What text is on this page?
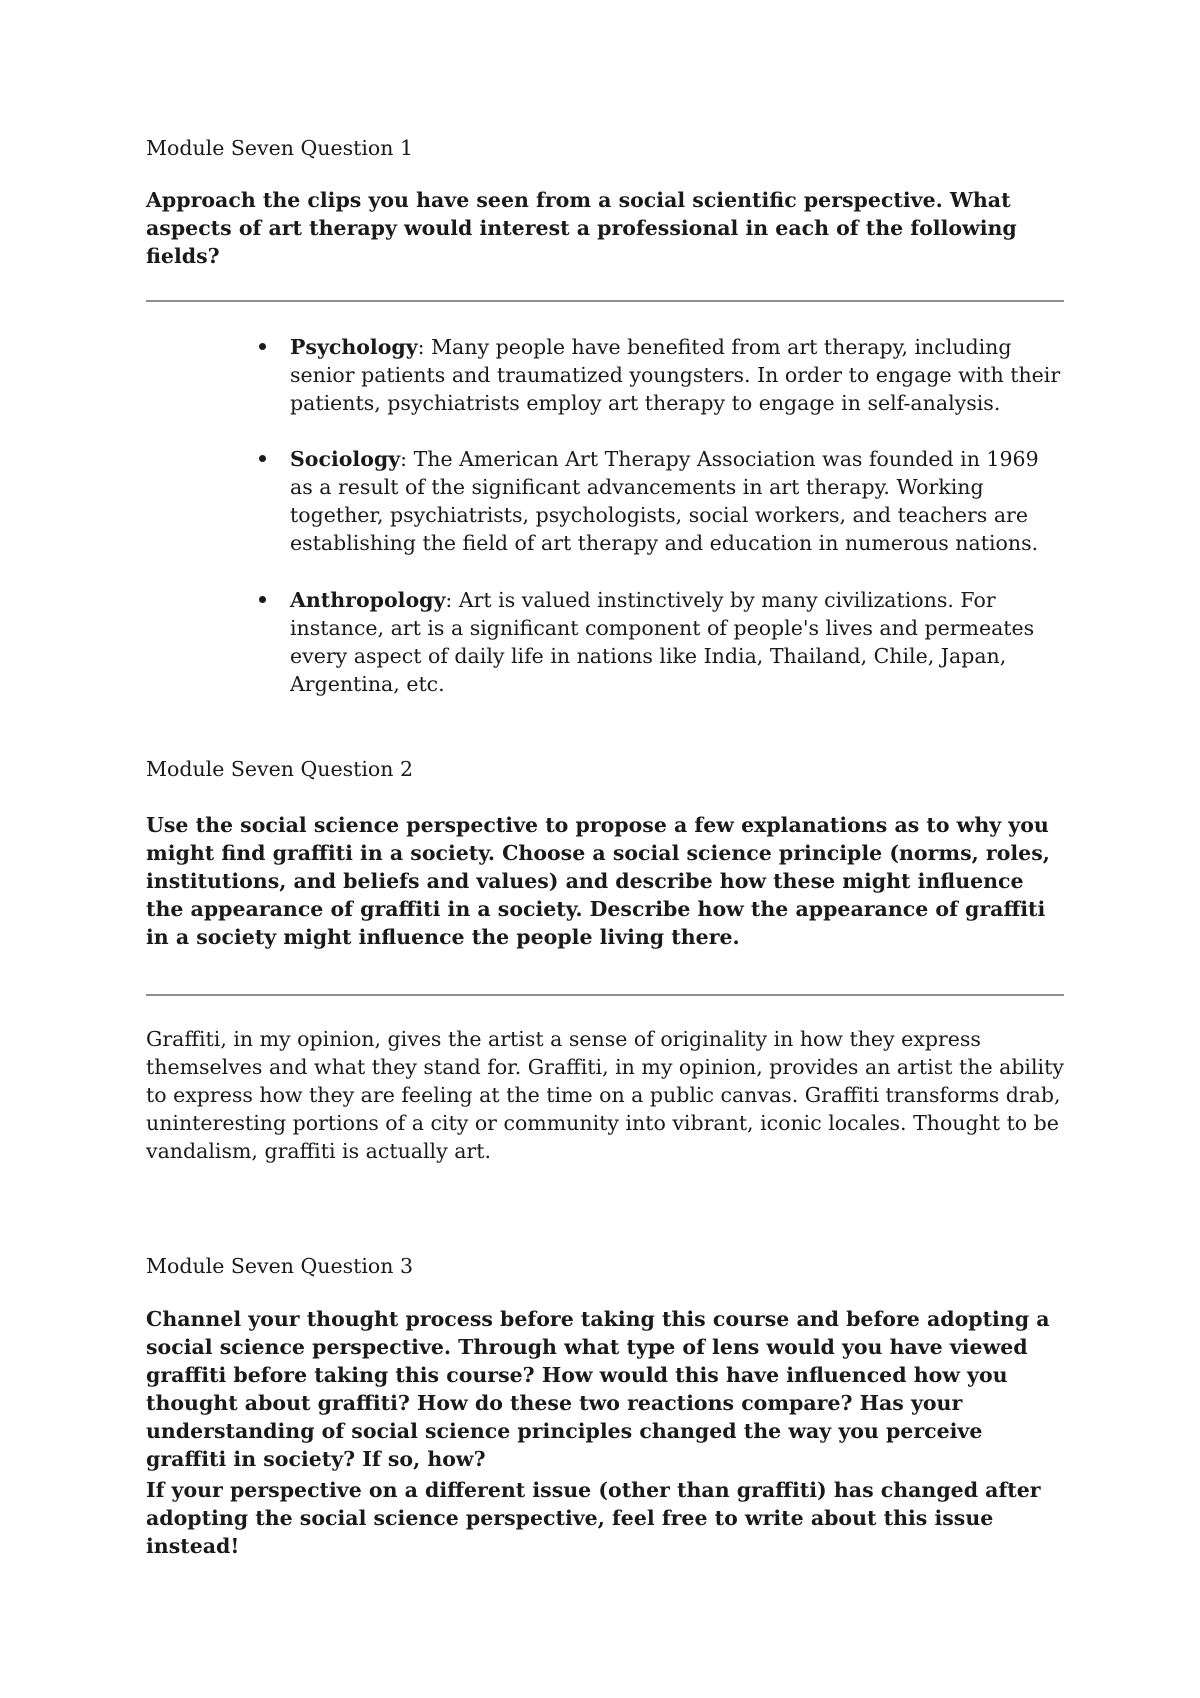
Module Seven Question 1

Approach the clips you have seen from a social scientific perspective. What aspects of art therapy would interest a professional in each of the following fields?

Psychology: Many people have benefited from art therapy, including senior patients and traumatized youngsters. In order to engage with their patients, psychiatrists employ art therapy to engage in self-analysis.
Sociology: The American Art Therapy Association was founded in 1969 as a result of the significant advancements in art therapy. Working together, psychiatrists, psychologists, social workers, and teachers are establishing the field of art therapy and education in numerous nations.
Anthropology: Art is valued instinctively by many civilizations. For instance, art is a significant component of people's lives and permeates every aspect of daily life in nations like India, Thailand, Chile, Japan, Argentina, etc.
Module Seven Question 2

Use the social science perspective to propose a few explanations as to why you might find graffiti in a society. Choose a social science principle (norms, roles, institutions, and beliefs and values) and describe how these might influence the appearance of graffiti in a society. Describe how the appearance of graffiti in a society might influence the people living there.

Graffiti, in my opinion, gives the artist a sense of originality in how they express themselves and what they stand for. Graffiti, in my opinion, provides an artist the ability to express how they are feeling at the time on a public canvas. Graffiti transforms drab, uninteresting portions of a city or community into vibrant, iconic locales. Thought to be vandalism, graffiti is actually art.

Module Seven Question 3

Channel your thought process before taking this course and before adopting a social science perspective. Through what type of lens would you have viewed graffiti before taking this course? How would this have influenced how you thought about graffiti? How do these two reactions compare? Has your understanding of social science principles changed the way you perceive graffiti in society? If so, how?

If your perspective on a different issue (other than graffiti) has changed after adopting the social science perspective, feel free to write about this issue instead!
